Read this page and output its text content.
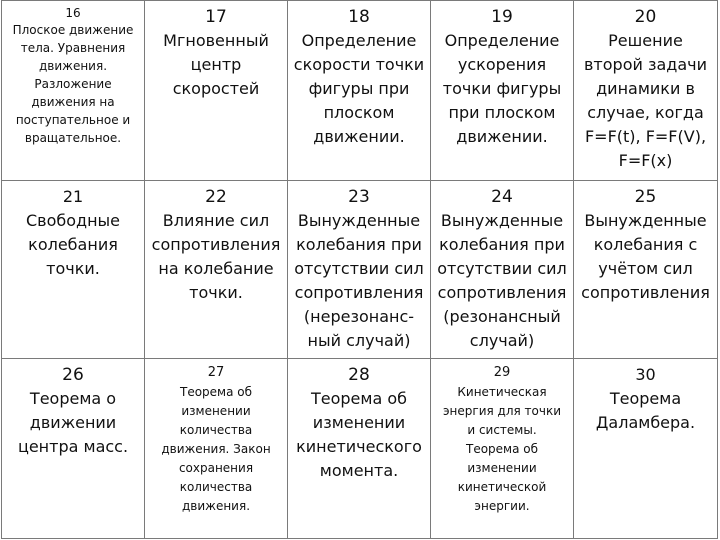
16
Плоское движение
тела. Уравнения
движения.
Разложение
движения на
поступательное и
вращательное.
17
Мгновенный
центр
скоростей
18
Определение
скорости точки
фигуры при
плоском
движении.
19
Определение
ускорения
точки фигуры
при плоском
движении.
20
Решение
второй задачи
динамики в
случае, когда
F=F(t), F=F(V),
F=F(x)
21
Свободные
колебания точки.
22
Влияние сил
сопротивления
на колебание
точки.
23
Вынужденные
колебания при
отсутствии сил
сопротивления
(нерезонанс-
ный случай)
24
Вынужденные
колебания при
отсутствии сил
сопротивления
(резонансный
случай)
25
Вынужденные
колебания с
учётом сил
сопротивления
26
Теорема о
движении
центра масс.
27
Теорема об
изменении
количества
движения. Закон
сохранения
количества
движения.
28
Теорема об
изменении
кинетического
момента.
29
Кинетическая
энергия для точки
и системы.
Теорема об
изменении
кинетической
энергии.
30
Теорема
Даламбера.
